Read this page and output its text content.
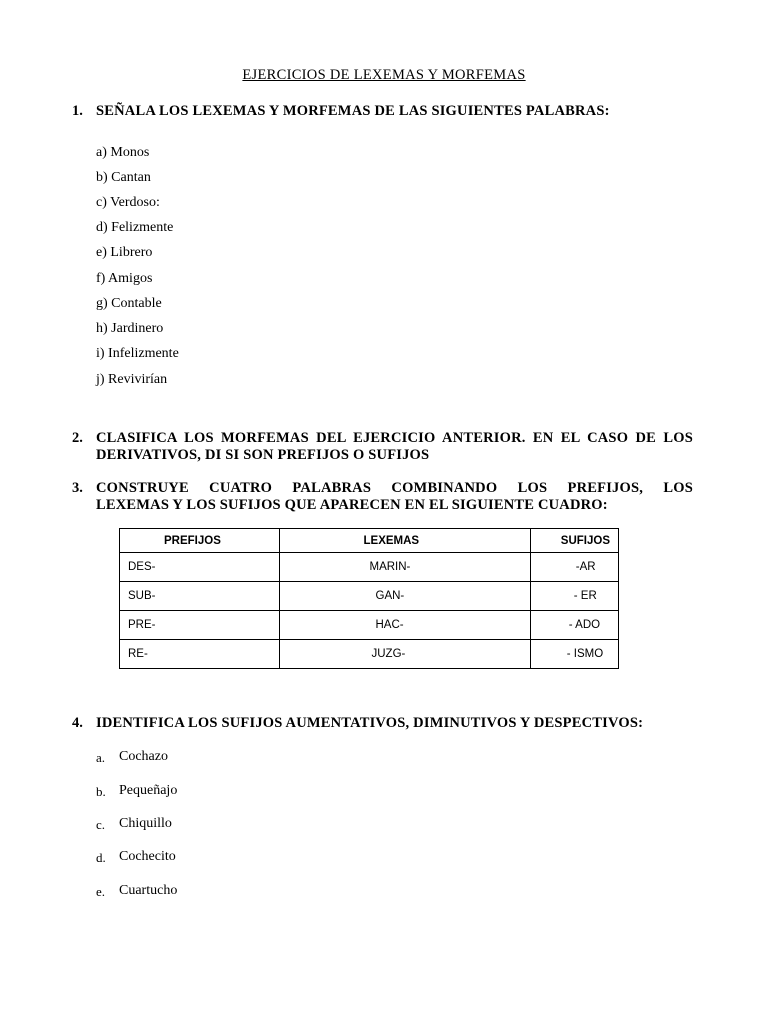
EJERCICIOS DE LEXEMAS Y MORFEMAS
1. SEÑALA LOS LEXEMAS Y MORFEMAS DE LAS SIGUIENTES PALABRAS:
a) Monos
b) Cantan
c) Verdoso:
d) Felizmente
e) Librero
f) Amigos
g) Contable
h) Jardinero
i) Infelizmente
j) Revivirían
2. CLASIFICA LOS MORFEMAS DEL EJERCICIO ANTERIOR. EN EL CASO DE LOS
DERIVATIVOS, DI SI SON PREFIJOS O SUFIJOS
3. CONSTRUYE CUATRO PALABRAS COMBINANDO LOS PREFIJOS, LOS
LEXEMAS Y LOS SUFIJOS QUE APARECEN EN EL SIGUIENTE CUADRO:
PREFIJOS	LEXEMAS	SUFIJOS
DES-	MARIN-	-AR
SUB-	GAN-	- ER
PRE-	HAC-	- ADO
RE-	JUZG-	- ISMO
4. IDENTIFICA LOS SUFIJOS AUMENTATIVOS, DIMINUTIVOS Y DESPECTIVOS:
a. Cochazo
b. Pequeñajo
c. Chiquillo
d. Cochecito
e. Cuartucho
